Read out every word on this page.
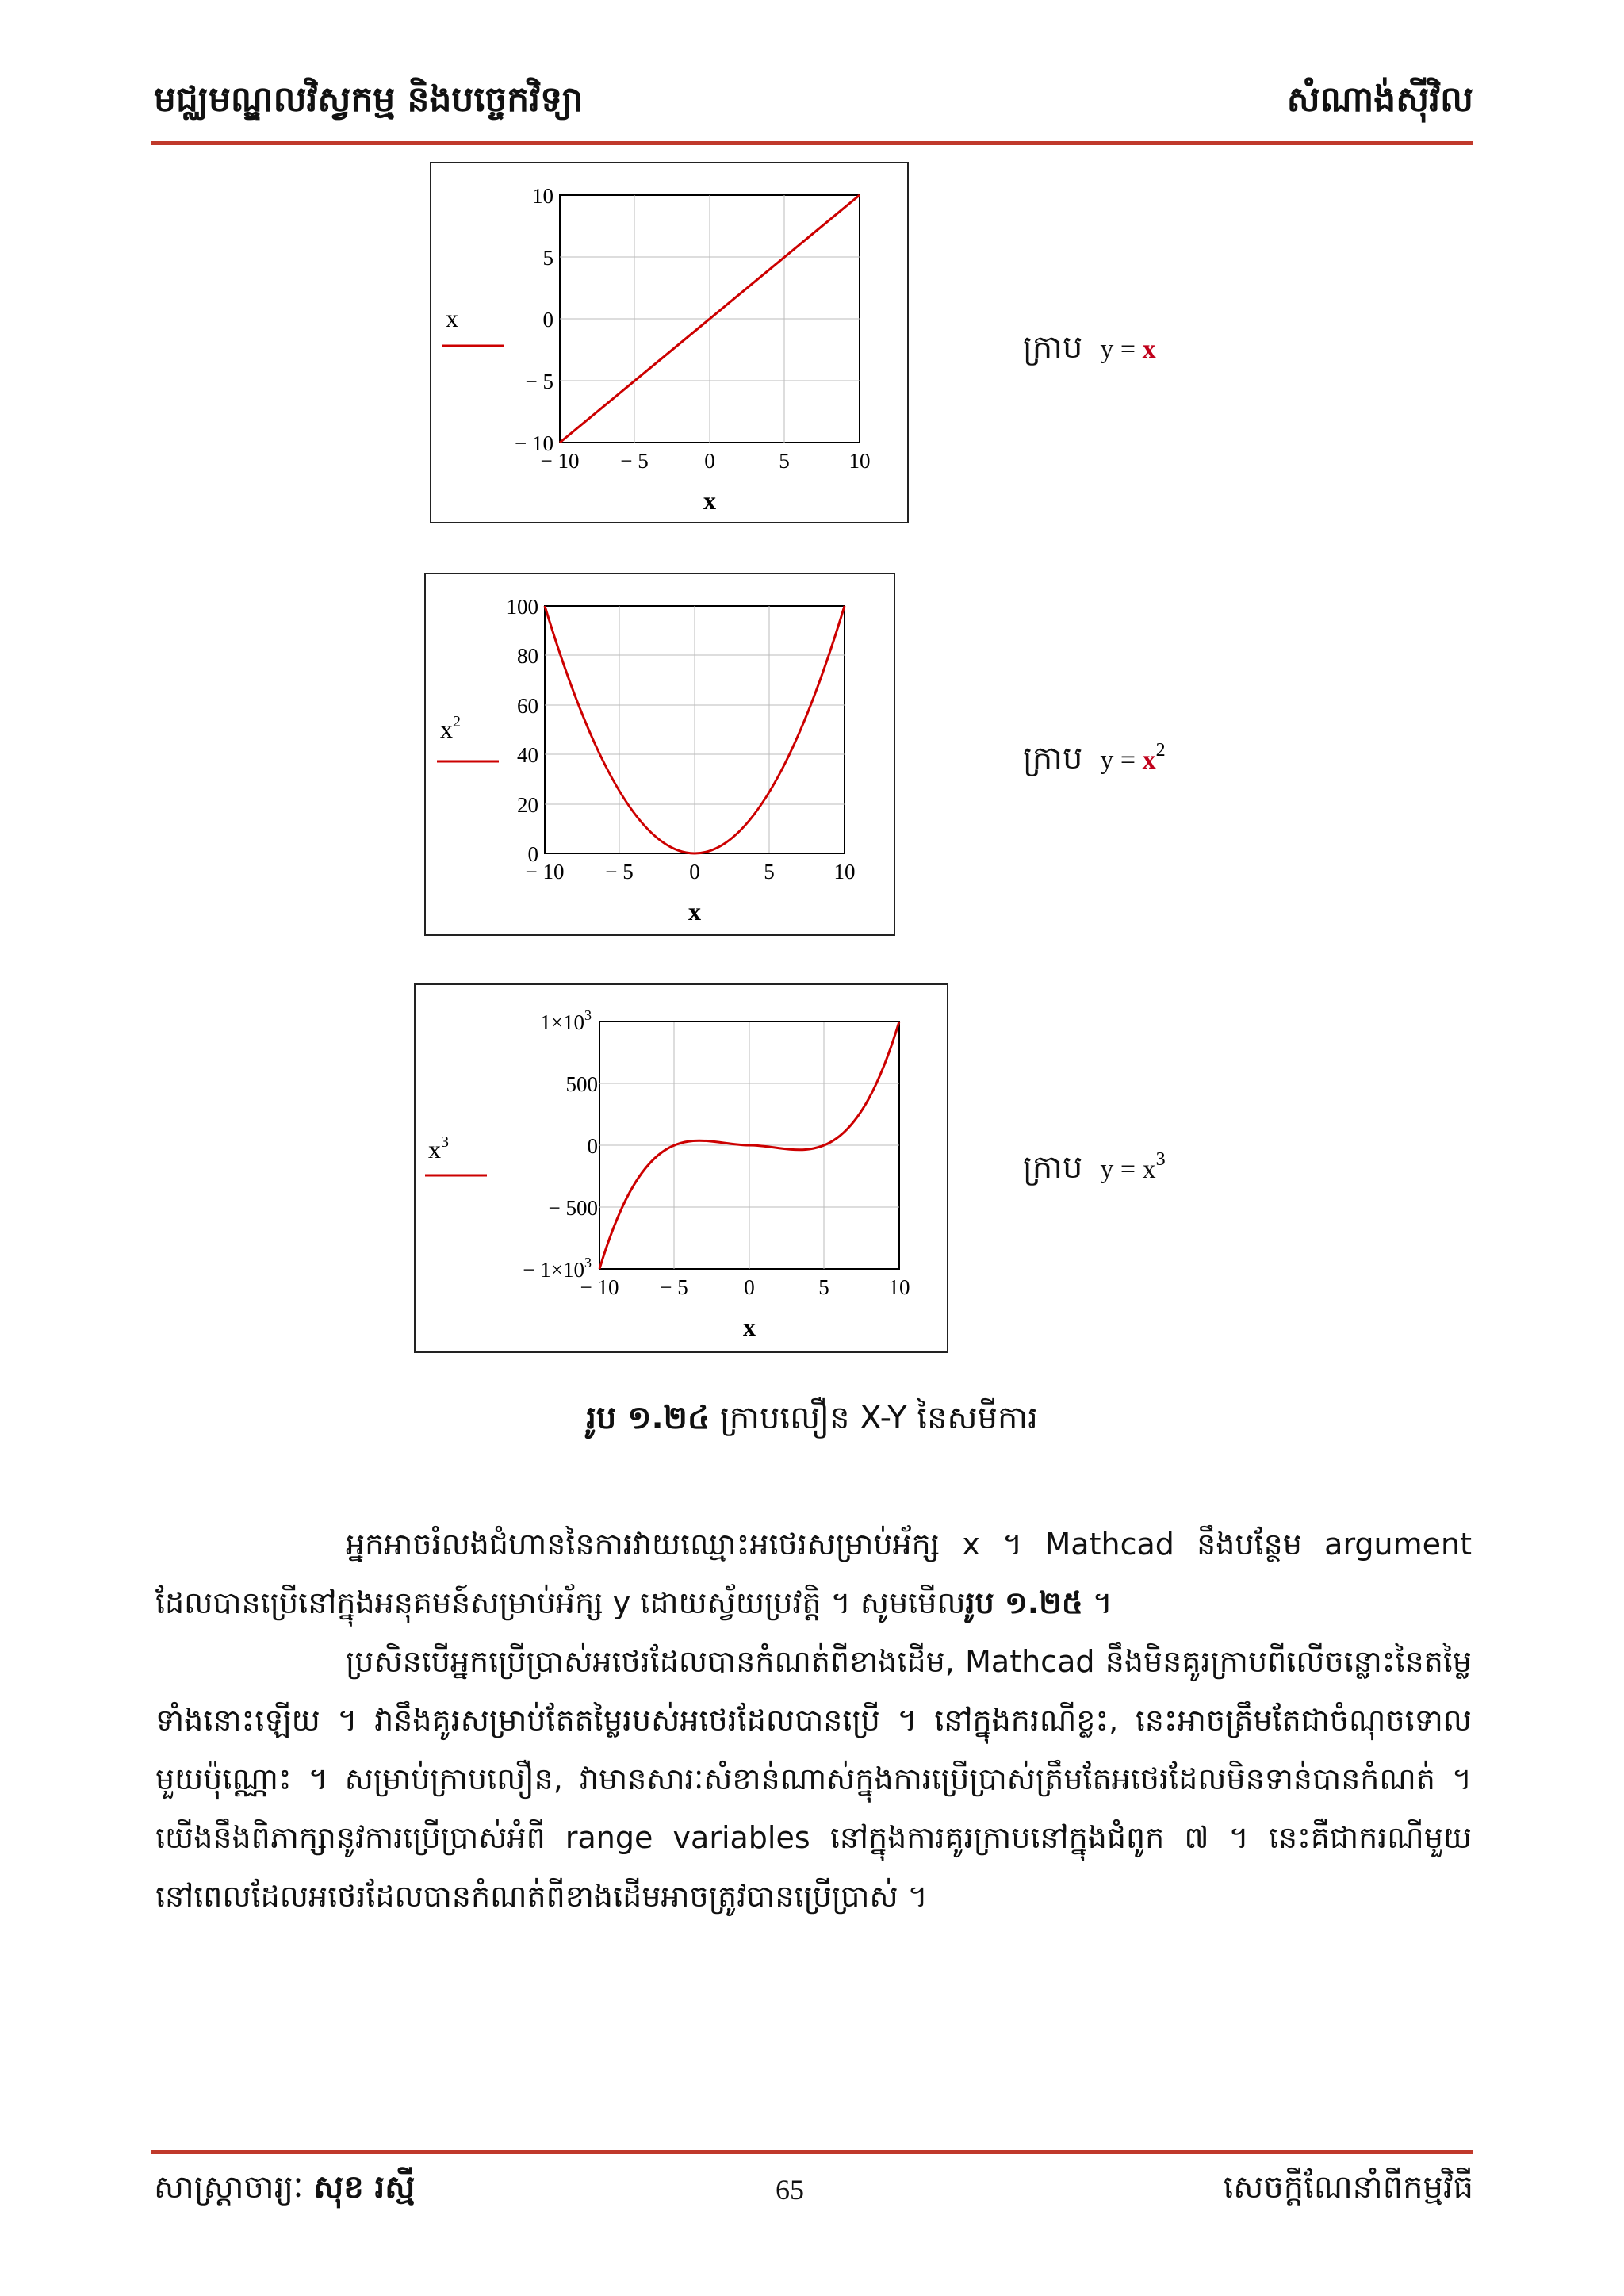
មជ្ឈមណ្ឌលវិស្វកម្ម និងបច្ចេកវិទ្យា	សំណាង់ស៊ីវិល
10
5
0
− 5
− 10
− 10 − 5	0	5	10
x
x
ក្រាប y = x
100
80
60
40
20
0
− 10 − 5	0	5	10
x
$x^2$
ក្រាប $y = x^2$
$1\times 10^3$
500
0
− 500
− $1\times 10^3$
− 10 − 5	0	5	10
x
$x^3$
ក្រាប $y = x^3$
រូប ១.២៤ ក្រាបលឿន X-Y នៃសមីការ

អ្នកអាចរំលងជំហាននៃការវាយឈ្មោះអថេរសម្រាប់អ័ក្ស x ។ Mathcad នឹងបន្ថែម argument ដែលបានប្រើនៅក្នុងអនុគមន៍សម្រាប់អ័ក្ស y ដោយស្វ័យប្រវត្តិ ។ សូមមើលរូប ១.២៥ ។

ប្រសិនបើអ្នកប្រើប្រាស់អថេរដែលបានកំណត់ពីខាងដើម, Mathcad នឹងមិនគូរក្រាបពីលើចន្លោះនៃតម្លៃទាំងនោះឡើយ ។ វានឹងគូរសម្រាប់តែតម្លៃរបស់អថេរដែលបានប្រើ ។ នៅក្នុងករណីខ្លះ, នេះអាចត្រឹមតែជាចំណុចទោលមួយប៉ុណ្ណោះ ។ សម្រាប់ក្រាបលឿន, វាមានសារៈសំខាន់ណាស់ក្នុងការប្រើប្រាស់ត្រឹមតែអថេរដែលមិនទាន់បានកំណត់ ។ យើងនឹងពិភាក្សានូវការប្រើប្រាស់អំពី range variables នៅក្នុងការគូរក្រាបនៅក្នុងជំពូក ៧ ។ នេះគឺជាករណីមួយ នៅពេលដែលអថេរដែលបានកំណត់ពីខាងដើមអាចត្រូវបានប្រើប្រាស់ ។

សាស្ត្រាចារ្យៈ សុខ រស្មី	65	សេចក្តីណែនាំពីកម្មវិធី
